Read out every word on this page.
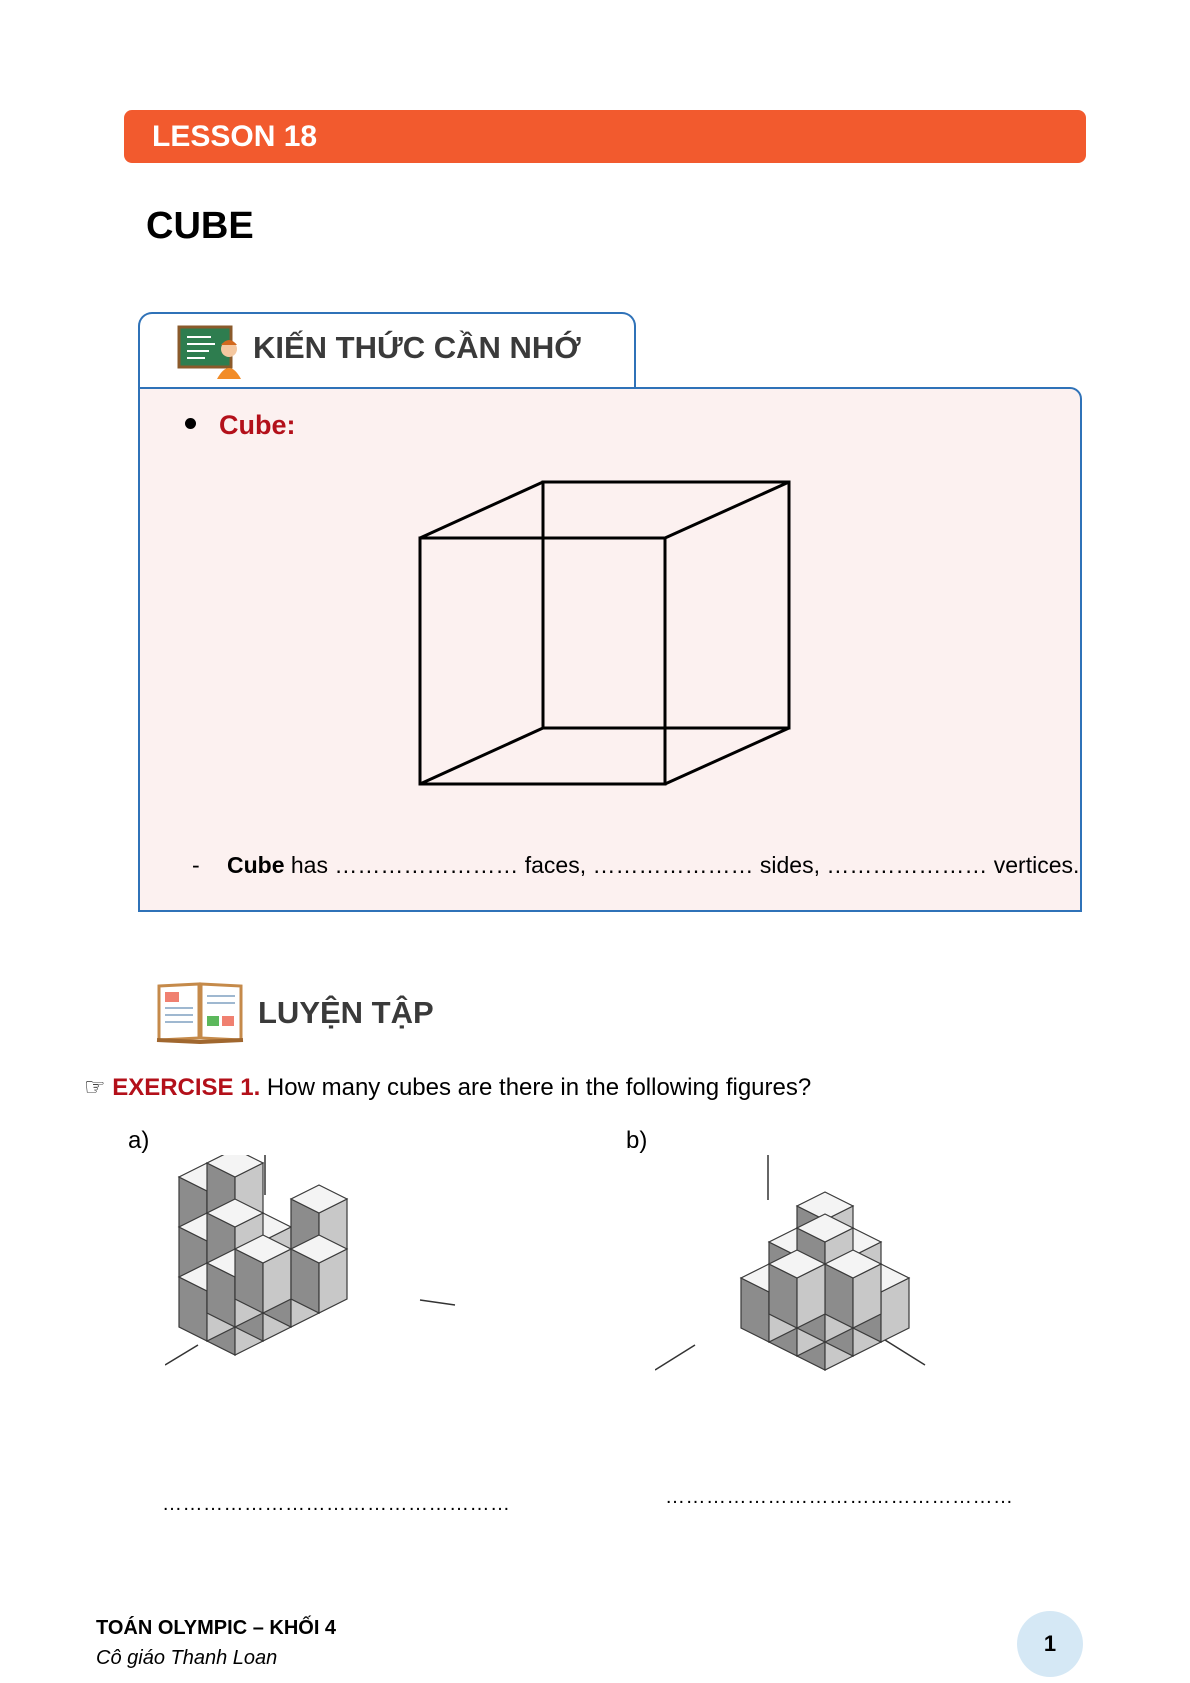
LESSON 18
CUBE
KIẾN THỨC CẦN NHỚ
Cube:
- Cube has …………………… faces, ………………… sides, ………………… vertices.
LUYỆN TẬP
☞ EXERCISE 1. How many cubes are there in the following figures?
a)	b)
……………………………………………	……………………………………………
TOÁN OLYMPIC – KHỐI 4
Cô giáo Thanh Loan
1
